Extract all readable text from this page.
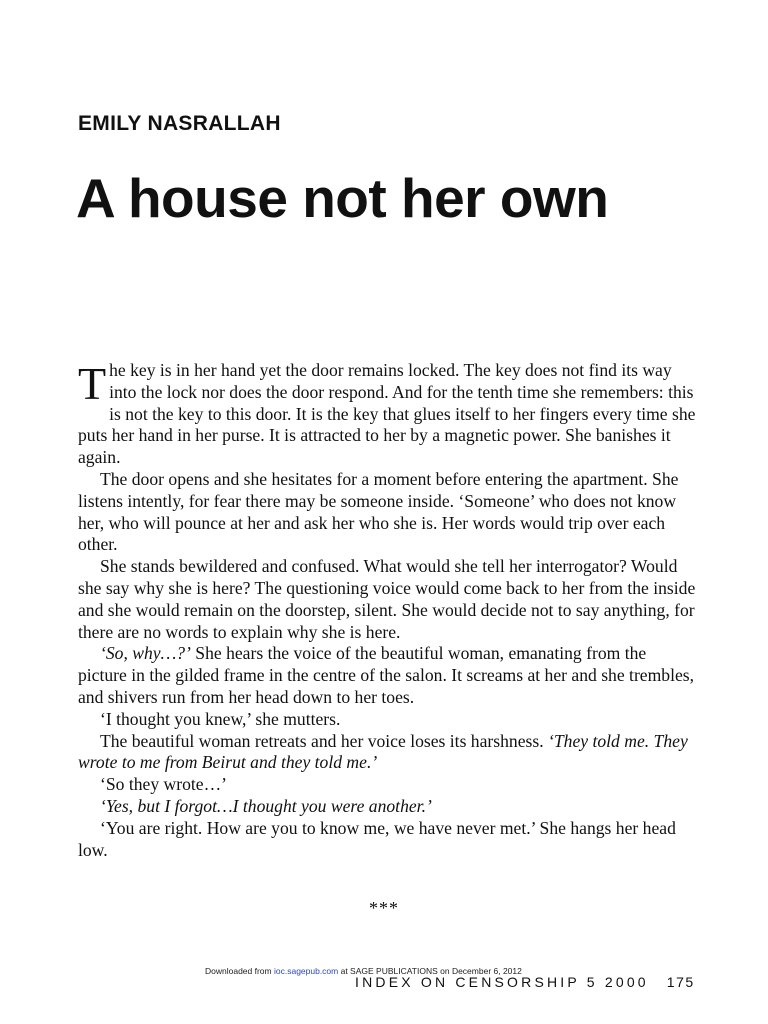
EMILY NASRALLAH
A house not her own

The key is in her hand yet the door remains locked. The key does not find its way into the lock nor does the door respond. And for the tenth time she remembers: this is not the key to this door. It is the key that glues itself to her fingers every time she puts her hand in her purse. It is attracted to her by a magnetic power. She banishes it again.

The door opens and she hesitates for a moment before entering the apartment. She listens intently, for fear there may be someone inside. ‘Someone’ who does not know her, who will pounce at her and ask her who she is. Her words would trip over each other.

She stands bewildered and confused. What would she tell her interrogator? Would she say why she is here? The questioning voice would come back to her from the inside and she would remain on the doorstep, silent. She would decide not to say anything, for there are no words to explain why she is here.

‘So, why…?’ She hears the voice of the beautiful woman, emanating from the picture in the gilded frame in the centre of the salon. It screams at her and she trembles, and shivers run from her head down to her toes.

‘I thought you knew,’ she mutters.

The beautiful woman retreats and her voice loses its harshness. ‘They told me. They wrote to me from Beirut and they told me.’

‘So they wrote…’

‘Yes, but I forgot…I thought you were another.’

‘You are right. How are you to know me, we have never met.’ She hangs her head low.

***
Downloaded from ioc.sagepub.com at SAGE PUBLICATIONS on December 6, 2012
INDEX ON CENSORSHIP 5 2000 175
